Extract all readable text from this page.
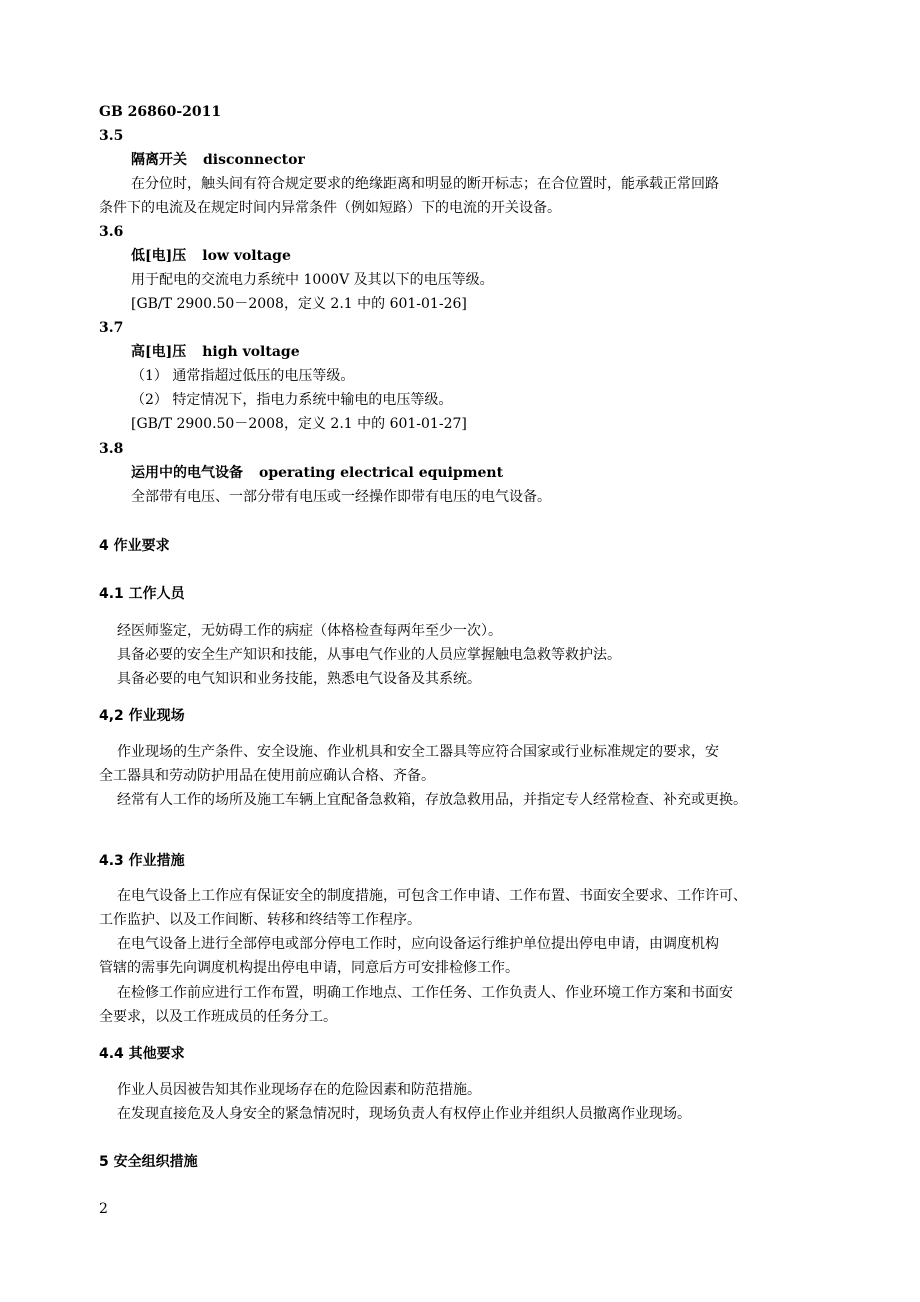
GB 26860-2011
3.5
隔离开关 disconnector
在分位时，触头间有符合规定要求的绝缘距离和明显的断开标志；在合位置时，能承载正常回路
条件下的电流及在规定时间内异常条件（例如短路）下的电流的开关设备。
3.6
低[电]压 low voltage
用于配电的交流电力系统中 1000V 及其以下的电压等级。
[GB/T 2900.50－2008，定义 2.1 中的 601-01-26]
3.7
高[电]压 high voltage
（1） 通常指超过低压的电压等级。
（2） 特定情况下，指电力系统中输电的电压等级。
[GB/T 2900.50－2008，定义 2.1 中的 601-01-27]
3.8
运用中的电气设备 operating electrical equipment
全部带有电压、一部分带有电压或一经操作即带有电压的电气设备。
4 作业要求
4.1 工作人员
经医师鉴定，无妨碍工作的病症（体格检查每两年至少一次）。
具备必要的安全生产知识和技能，从事电气作业的人员应掌握触电急救等救护法。
具备必要的电气知识和业务技能，熟悉电气设备及其系统。
4,2 作业现场
作业现场的生产条件、安全设施、作业机具和安全工器具等应符合国家或行业标准规定的要求，安
全工器具和劳动防护用品在使用前应确认合格、齐备。
经常有人工作的场所及施工车辆上宜配备急救箱，存放急救用品，并指定专人经常检查、补充或更换。
4.3 作业措施
在电气设备上工作应有保证安全的制度措施，可包含工作申请、工作布置、书面安全要求、工作许可、
工作监护、以及工作间断、转移和终结等工作程序。
在电气设备上进行全部停电或部分停电工作时，应向设备运行维护单位提出停电申请，由调度机构
管辖的需事先向调度机构提出停电申请，同意后方可安排检修工作。
在检修工作前应进行工作布置，明确工作地点、工作任务、工作负责人、作业环境工作方案和书面安
全要求，以及工作班成员的任务分工。
4.4 其他要求
作业人员因被告知其作业现场存在的危险因素和防范措施。
在发现直接危及人身安全的紧急情况时，现场负责人有权停止作业并组织人员撤离作业现场。
5 安全组织措施
2
